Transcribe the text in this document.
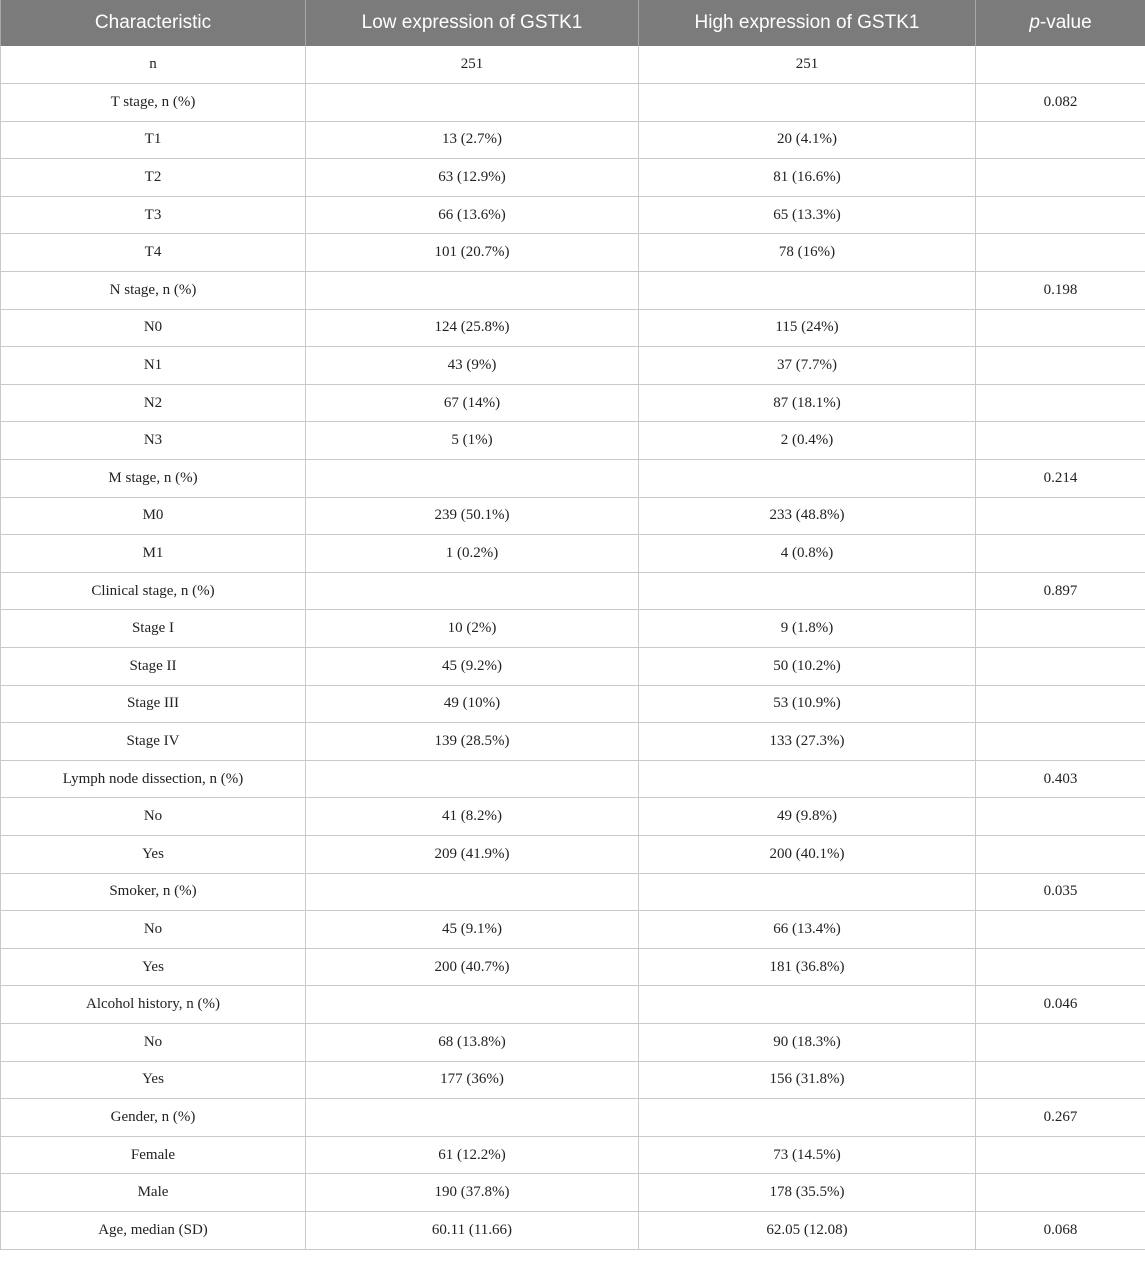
Characteristic	Low expression of GSTK1	High expression of GSTK1	p-value
n	251	251	
T stage, n (%)			0.082
T1	13 (2.7%)	20 (4.1%)	
T2	63 (12.9%)	81 (16.6%)	
T3	66 (13.6%)	65 (13.3%)	
T4	101 (20.7%)	78 (16%)	
N stage, n (%)			0.198
N0	124 (25.8%)	115 (24%)	
N1	43 (9%)	37 (7.7%)	
N2	67 (14%)	87 (18.1%)	
N3	5 (1%)	2 (0.4%)	
M stage, n (%)			0.214
M0	239 (50.1%)	233 (48.8%)	
M1	1 (0.2%)	4 (0.8%)	
Clinical stage, n (%)			0.897
Stage I	10 (2%)	9 (1.8%)	
Stage II	45 (9.2%)	50 (10.2%)	
Stage III	49 (10%)	53 (10.9%)	
Stage IV	139 (28.5%)	133 (27.3%)	
Lymph node dissection, n (%)			0.403
No	41 (8.2%)	49 (9.8%)	
Yes	209 (41.9%)	200 (40.1%)	
Smoker, n (%)			0.035
No	45 (9.1%)	66 (13.4%)	
Yes	200 (40.7%)	181 (36.8%)	
Alcohol history, n (%)			0.046
No	68 (13.8%)	90 (18.3%)	
Yes	177 (36%)	156 (31.8%)	
Gender, n (%)			0.267
Female	61 (12.2%)	73 (14.5%)	
Male	190 (37.8%)	178 (35.5%)	
Age, median (SD)	60.11 (11.66)	62.05 (12.08)	0.068
